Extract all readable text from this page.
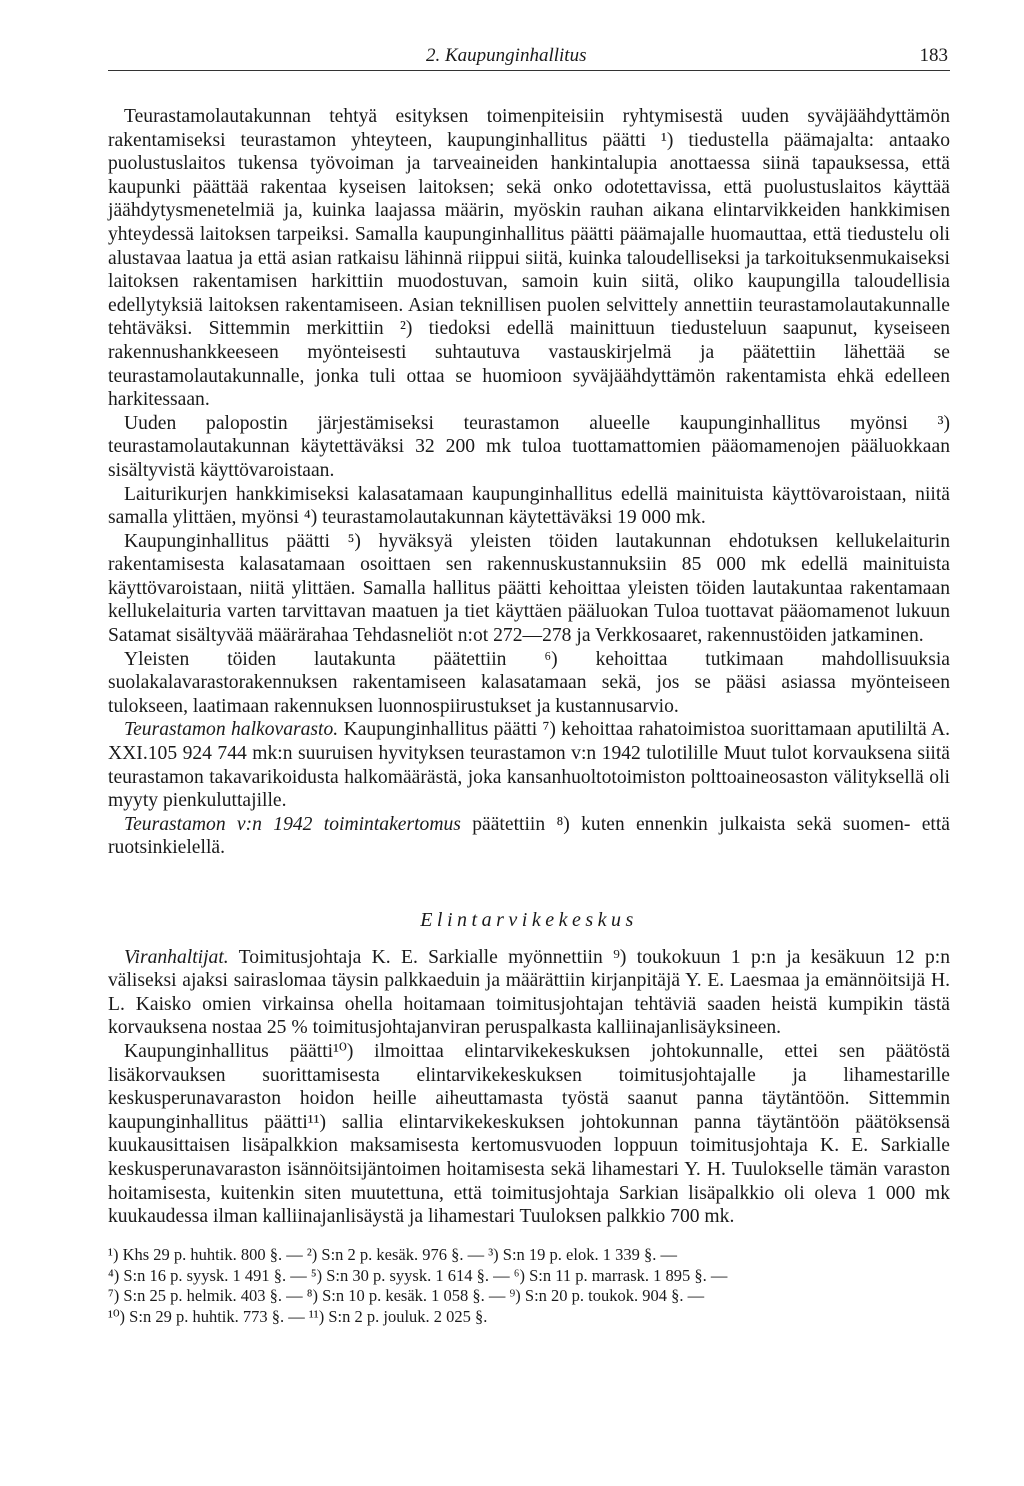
2. Kaupunginhallitus	183

Teurastamolautakunnan tehtyä esityksen toimenpiteisiin ryhtymisestä uuden syväjäähdyttämön rakentamiseksi teurastamon yhteyteen, kaupunginhallitus päätti ¹) tiedustella päämajalta: antaako puolustuslaitos tukensa työvoiman ja tarveaineiden hankintalupia anottaessa siinä tapauksessa, että kaupunki päättää rakentaa kyseisen laitoksen; sekä onko odotettavissa, että puolustuslaitos käyttää jäähdytysmenetelmiä ja, kuinka laajassa määrin, myöskin rauhan aikana elintarvikkeiden hankkimisen yhteydessä laitoksen tarpeiksi. Samalla kaupunginhallitus päätti päämajalle huomauttaa, että tiedustelu oli alustavaa laatua ja että asian ratkaisu lähinnä riippui siitä, kuinka taloudelliseksi ja tarkoituksenmukaiseksi laitoksen rakentamisen harkittiin muodostuvan, samoin kuin siitä, oliko kaupungilla taloudellisia edellytyksiä laitoksen rakentamiseen. Asian teknillisen puolen selvittely annettiin teurastamolautakunnalle tehtäväksi. Sittemmin merkittiin ²) tiedoksi edellä mainittuun tiedusteluun saapunut, kyseiseen rakennushankkeeseen myönteisesti suhtautuva vastauskirjelmä ja päätettiin lähettää se teurastamolautakunnalle, jonka tuli ottaa se huomioon syväjäähdyttämön rakentamista ehkä edelleen harkitessaan.

Uuden palopostin järjestämiseksi teurastamon alueelle kaupunginhallitus myönsi ³) teurastamolautakunnan käytettäväksi 32 200 mk tuloa tuottamattomien pääomamenojen pääluokkaan sisältyvistä käyttövaroistaan.

Laiturikurjen hankkimiseksi kalasatamaan kaupunginhallitus edellä mainituista käyttövaroistaan, niitä samalla ylittäen, myönsi ⁴) teurastamolautakunnan käytettäväksi 19 000 mk.

Kaupunginhallitus päätti ⁵) hyväksyä yleisten töiden lautakunnan ehdotuksen kellukelaiturin rakentamisesta kalasatamaan osoittaen sen rakennuskustannuksiin 85 000 mk edellä mainituista käyttövaroistaan, niitä ylittäen. Samalla hallitus päätti kehoittaa yleisten töiden lautakuntaa rakentamaan kellukelaituria varten tarvittavan maatuen ja tiet käyttäen pääluokan Tuloa tuottavat pääomamenot lukuun Satamat sisältyvää määrärahaa Tehdasneliöt n:ot 272—278 ja Verkkosaaret, rakennustöiden jatkaminen.

Yleisten töiden lautakunta päätettiin ⁶) kehoittaa tutkimaan mahdollisuuksia suolakalavarastorakennuksen rakentamiseen kalasatamaan sekä, jos se pääsi asiassa myönteiseen tulokseen, laatimaan rakennuksen luonnospiirustukset ja kustannusarvio.

Teurastamon halkovarasto. Kaupunginhallitus päätti ⁷) kehoittaa rahatoimistoa suorittamaan aputililtä A. XXI.105 924 744 mk:n suuruisen hyvityksen teurastamon v:n 1942 tulotilille Muut tulot korvauksena siitä teurastamon takavarikoidusta halkomäärästä, joka kansanhuoltotoimiston polttoaineosaston välityksellä oli myyty pienkuluttajille.

Teurastamon v:n 1942 toimintakertomus päätettiin ⁸) kuten ennenkin julkaista sekä suomen- että ruotsinkielellä.

Elintarvikekeskus

Viranhaltijat. Toimitusjohtaja K. E. Sarkialle myönnettiin ⁹) toukokuun 1 p:n ja kesäkuun 12 p:n väliseksi ajaksi sairaslomaa täysin palkkaeduin ja määrättiin kirjanpitäjä Y. E. Laesmaa ja emännöitsijä H. L. Kaisko omien virkainsa ohella hoitamaan toimitusjohtajan tehtäviä saaden heistä kumpikin tästä korvauksena nostaa 25 % toimitusjohtajanviran peruspalkasta kalliinajanlisäyksineen.

Kaupunginhallitus päätti¹⁰) ilmoittaa elintarvikekeskuksen johtokunnalle, ettei sen päätöstä lisäkorvauksen suorittamisesta elintarvikekeskuksen toimitusjohtajalle ja lihamestarille keskusperunavaraston hoidon heille aiheuttamasta työstä saanut panna täytäntöön. Sittemmin kaupunginhallitus päätti¹¹) sallia elintarvikekeskuksen johtokunnan panna täytäntöön päätöksensä kuukausittaisen lisäpalkkion maksamisesta kertomusvuoden loppuun toimitusjohtaja K. E. Sarkialle keskusperunavaraston isännöitsijäntoimen hoitamisesta sekä lihamestari Y. H. Tuulokselle tämän varaston hoitamisesta, kuitenkin siten muutettuna, että toimitusjohtaja Sarkian lisäpalkkio oli oleva 1 000 mk kuukaudessa ilman kalliinajanlisäystä ja lihamestari Tuuloksen palkkio 700 mk.

¹) Khs 29 p. huhtik. 800 §. — ²) S:n 2 p. kesäk. 976 §. — ³) S:n 19 p. elok. 1 339 §. —

⁴) S:n 16 p. syysk. 1 491 §. — ⁵) S:n 30 p. syysk. 1 614 §. — ⁶) S:n 11 p. marrask. 1 895 §. —

⁷) S:n 25 p. helmik. 403 §. — ⁸) S:n 10 p. kesäk. 1 058 §. — ⁹) S:n 20 p. toukok. 904 §. —

¹⁰) S:n 29 p. huhtik. 773 §. — ¹¹) S:n 2 p. jouluk. 2 025 §.
